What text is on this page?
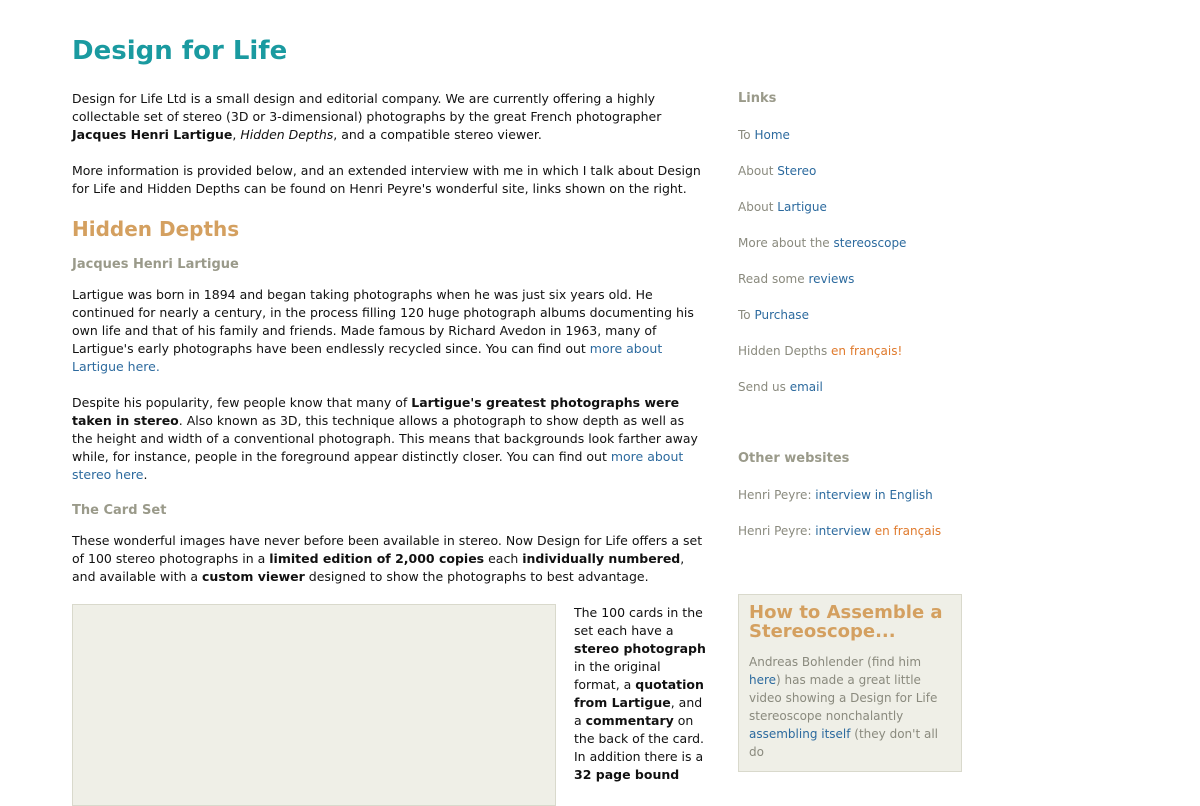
Design for Life

Design for Life Ltd is a small design and editorial company. We are currently offering a highly collectable set of stereo (3D or 3-dimensional) photographs by the great French photographer Jacques Henri Lartigue, Hidden Depths, and a compatible stereo viewer.

More information is provided below, and an extended interview with me in which I talk about Design for Life and Hidden Depths can be found on Henri Peyre's wonderful site, links shown on the right.

Hidden Depths
Jacques Henri Lartigue

Lartigue was born in 1894 and began taking photographs when he was just six years old. He continued for nearly a century, in the process filling 120 huge photograph albums documenting his own life and that of his family and friends. Made famous by Richard Avedon in 1963, many of Lartigue's early photographs have been endlessly recycled since. You can find out more about Lartigue here.

Despite his popularity, few people know that many of Lartigue's greatest photographs were taken in stereo. Also known as 3D, this technique allows a photograph to show depth as well as the height and width of a conventional photograph. This means that backgrounds look farther away while, for instance, people in the foreground appear distinctly closer. You can find out more about stereo here.

The Card Set

These wonderful images have never before been available in stereo. Now Design for Life offers a set of 100 stereo photographs in a limited edition of 2,000 copies each individually numbered, and available with a custom viewer designed to show the photographs to best advantage.

The 100 cards in the set each have a stereo photograph in the original format, a quotation from Lartigue, and a commentary on the back of the card. In addition there is a 32 page bound
Links
To Home
About Stereo
About Lartigue
More about the stereoscope
Read some reviews
To Purchase
Hidden Depths en français!
Send us email
Other websites
Henri Peyre: interview in English
Henri Peyre: interview en français
How to Assemble a Stereoscope...
Andreas Bohlender (find him here) has made a great little video showing a Design for Life stereoscope nonchalantly assembling itself (they don't all do
